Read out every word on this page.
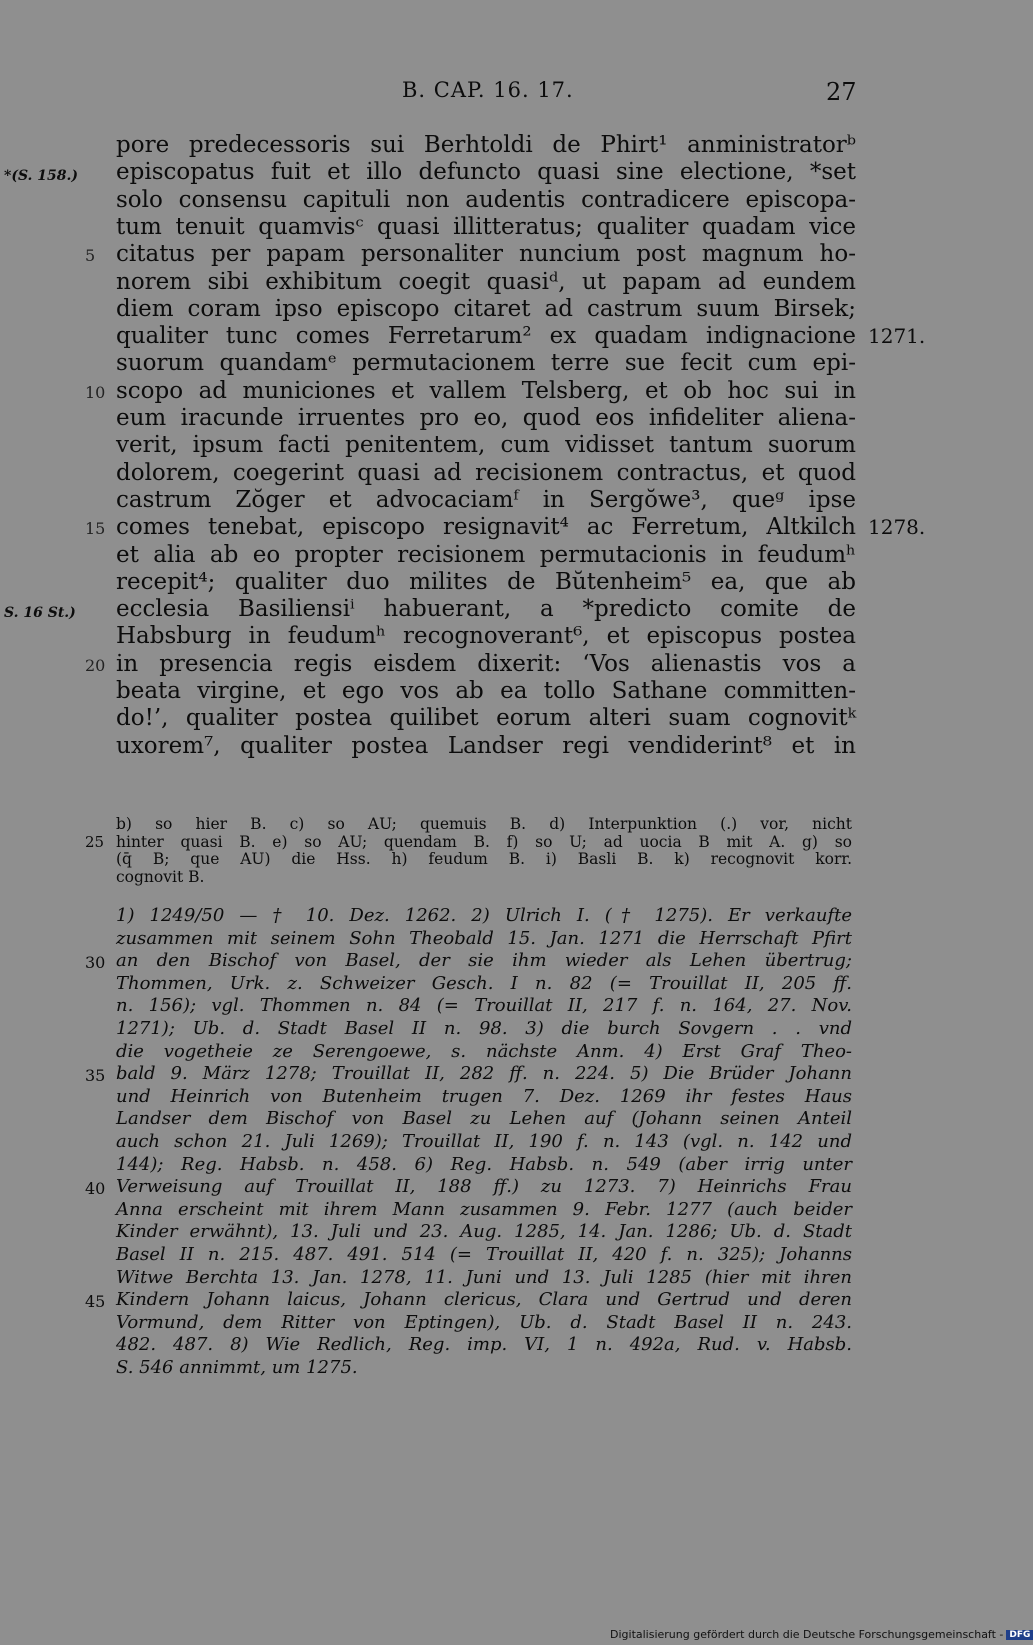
B. CAP. 16. 17.	27
pore predecessoris sui Berhtoldi de Phirt¹ anministratorᵇ
*(S. 158.) episcopatus fuit et illo defuncto quasi sine electione, *set
solo consensu capituli non audentis contradicere episcopa-
tum tenuit quamvisᶜ quasi illitteratus; qualiter quadam vice
5 citatus per papam personaliter nuncium post magnum ho-
norem sibi exhibitum coegit quasiᵈ, ut papam ad eundem
diem coram ipso episcopo citaret ad castrum suum Birsek;
1271.
qualiter tunc comes Ferretarum² ex quadam indignacione
suorum quandamᵉ permutacionem terre sue fecit cum epi-
10 scopo ad municiones et vallem Telsberg, et ob hoc sui in
eum iracunde irruentes pro eo, quod eos infideliter aliena-
verit, ipsum facti penitentem, cum vidisset tantum suorum
dolorem, coegerint quasi ad recisionem contractus, et quod
castrum Zŏger et advocaciamᶠ in Sergŏwe³, queᵍ ipse
15	1278.
comes tenebat, episcopo resignavit⁴ ac Ferretum, Altkilch
et alia ab eo propter recisionem permutacionis in feudumʰ
recepit⁴; qualiter duo milites de Bŭtenheim⁵ ea, que ab
S. 16 St.) ecclesia Basiliensiⁱ habuerant, a *predicto comite de
Habsburg in feudumʰ recognoverant⁶, et episcopus postea
20 in presencia regis eisdem dixerit: ‘Vos alienastis vos a
beata virgine, et ego vos ab ea tollo Sathane committen-
do!’, qualiter postea quilibet eorum alteri suam cognovitᵏ
uxorem⁷, qualiter postea Landser regi vendiderint⁸ et in
b) so hier B. c) so AU; quemuis B. d) Interpunktion (.) vor, nicht
25 hinter quasi B. e) so AU; quendam B. f) so U; ad uocia B mit A. g) so
(q̄ B; que AU) die Hss. h) feudum B. i) Basli B. k) recognovit korr.
cognovit B.
1) 1249/50 — † 10. Dez. 1262. 2) Ulrich I. († 1275). Er verkaufte
zusammen mit seinem Sohn Theobald 15. Jan. 1271 die Herrschaft Pfirt
30 an den Bischof von Basel, der sie ihm wieder als Lehen übertrug;
Thommen, Urk. z. Schweizer Gesch. I n. 82 (= Trouillat II, 205 ff.
n. 156); vgl. Thommen n. 84 (= Trouillat II, 217 f. n. 164, 27. Nov.
1271); Ub. d. Stadt Basel II n. 98. 3) die burch Sovgern . . vnd
die vogetheie ze Serengoewe, s. nächste Anm. 4) Erst Graf Theo-
35 bald 9. März 1278; Trouillat II, 282 ff. n. 224. 5) Die Brüder Johann
und Heinrich von Butenheim trugen 7. Dez. 1269 ihr festes Haus
Landser dem Bischof von Basel zu Lehen auf (Johann seinen Anteil
auch schon 21. Juli 1269); Trouillat II, 190 f. n. 143 (vgl. n. 142 und
144); Reg. Habsb. n. 458. 6) Reg. Habsb. n. 549 (aber irrig unter
40 Verweisung auf Trouillat II, 188 ff.) zu 1273. 7) Heinrichs Frau
Anna erscheint mit ihrem Mann zusammen 9. Febr. 1277 (auch beider
Kinder erwähnt), 13. Juli und 23. Aug. 1285, 14. Jan. 1286; Ub. d. Stadt
Basel II n. 215. 487. 491. 514 (= Trouillat II, 420 f. n. 325); Johanns
Witwe Berchta 13. Jan. 1278, 11. Juni und 13. Juli 1285 (hier mit ihren
45 Kindern Johann laicus, Johann clericus, Clara und Gertrud und deren
Vormund, dem Ritter von Eptingen), Ub. d. Stadt Basel II n. 243.
482. 487. 8) Wie Redlich, Reg. imp. VI, 1 n. 492a, Rud. v. Habsb.
S. 546 annimmt, um 1275.
Digitalisierung gefördert durch die Deutsche Forschungsgemeinschaft - DFG
